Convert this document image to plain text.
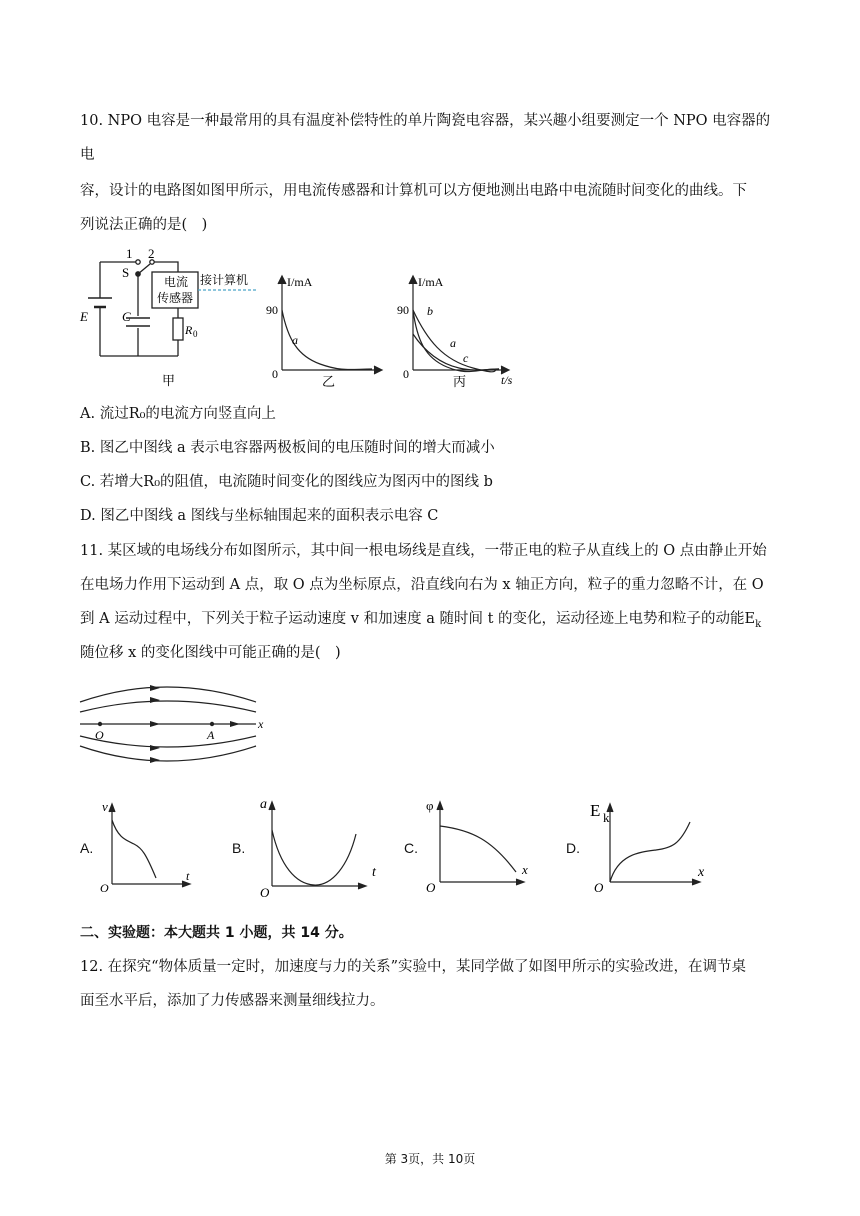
10. NPO 电容是一种最常用的具有温度补偿特性的单片陶瓷电容器，某兴趣小组要测定一个 NPO 电容器的
电
容，设计的电路图如图甲所示，用电流传感器和计算机可以方便地测出电路中电流随时间变化的曲线。下
列说法正确的是(　)
1 2
S
E	C
电流
传感器
接计算机
R 0
甲
I/mA
90
0
a
乙
I/mA
90
0
b
a
c
丙	t/s
A. 流过R₀的电流方向竖直向上
B. 图乙中图线 a 表示电容器两极板间的电压随时间的增大而减小
C. 若增大R₀的阻值，电流随时间变化的图线应为图丙中的图线 b
D. 图乙中图线 a 图线与坐标轴围起来的面积表示电容 C
11. 某区域的电场线分布如图所示，其中间一根电场线是直线，一带正电的粒子从直线上的 O 点由静止开始
在电场力作用下运动到 A 点，取 O 点为坐标原点，沿直线向右为 x 轴正方向，粒子的重力忽略不计，在 O
到 A 运动过程中，下列关于粒子运动速度 v 和加速度 a 随时间 t 的变化，运动径迹上电势和粒子的动能$E_k$
随位移 x 的变化图线中可能正确的是(　)
O	A
x
A.
v
t
O
B.
a
t
O
C.
φ
x
O
D.
E k
x
O
二、实验题：本大题共 1 小题，共 14 分。
12. 在探究“物体质量一定时，加速度与力的关系”实验中，某同学做了如图甲所示的实验改进，在调节桌
面至水平后，添加了力传感器来测量细线拉力。
第 3页，共 10页
